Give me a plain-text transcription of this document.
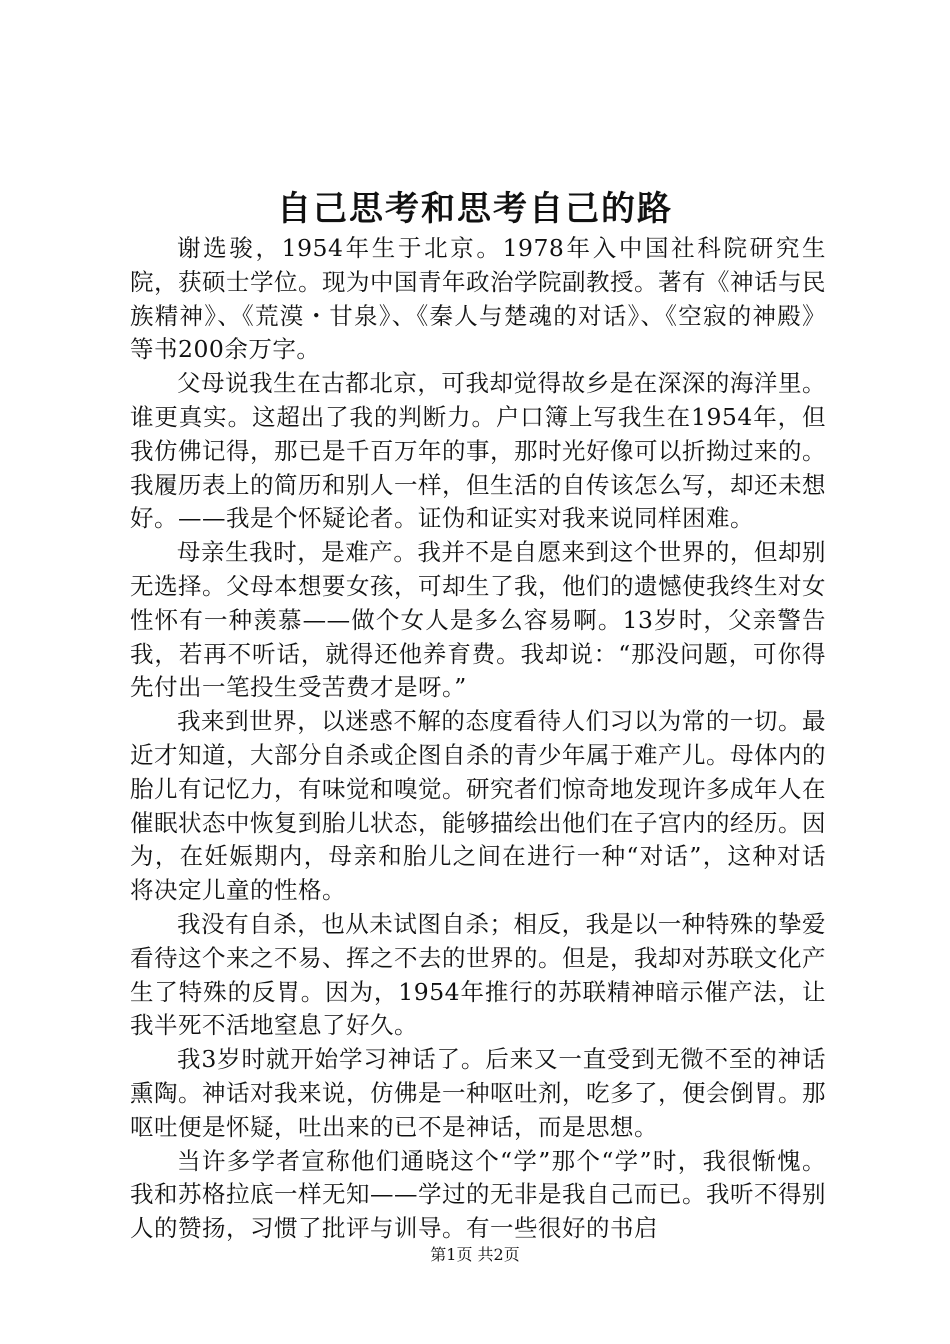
自己思考和思考自己的路

谢选骏，1954年生于北京。1978年入中国社科院研究生院，获硕士学位。现为中国青年政治学院副教授。著有《神话与民族精神》、《荒漠・甘泉》、《秦人与楚魂的对话》、《空寂的神殿》等书200余万字。

父母说我生在古都北京，可我却觉得故乡是在深深的海洋里。谁更真实。这超出了我的判断力。户口簿上写我生在1954年，但我仿佛记得，那已是千百万年的事，那时光好像可以折拗过来的。我履历表上的简历和别人一样，但生活的自传该怎么写，却还未想好。——我是个怀疑论者。证伪和证实对我来说同样困难。

母亲生我时，是难产。我并不是自愿来到这个世界的，但却别无选择。父母本想要女孩，可却生了我，他们的遗憾使我终生对女性怀有一种羡慕——做个女人是多么容易啊。13岁时，父亲警告我，若再不听话，就得还他养育费。我却说：“那没问题，可你得先付出一笔投生受苦费才是呀。”

我来到世界，以迷惑不解的态度看待人们习以为常的一切。最近才知道，大部分自杀或企图自杀的青少年属于难产儿。母体内的胎儿有记忆力，有味觉和嗅觉。研究者们惊奇地发现许多成年人在催眠状态中恢复到胎儿状态，能够描绘出他们在子宫内的经历。因为，在妊娠期内，母亲和胎儿之间在进行一种“对话”，这种对话将决定儿童的性格。

我没有自杀，也从未试图自杀；相反，我是以一种特殊的挚爱看待这个来之不易、挥之不去的世界的。但是，我却对苏联文化产生了特殊的反胃。因为，1954年推行的苏联精神暗示催产法，让我半死不活地窒息了好久。

我3岁时就开始学习神话了。后来又一直受到无微不至的神话熏陶。神话对我来说，仿佛是一种呕吐剂，吃多了，便会倒胃。那呕吐便是怀疑，吐出来的已不是神话，而是思想。

当许多学者宣称他们通晓这个“学”那个“学”时，我很惭愧。我和苏格拉底一样无知——学过的无非是我自己而已。我听不得别人的赞扬，习惯了批评与训导。有一些很好的书启

第1页 共2页
